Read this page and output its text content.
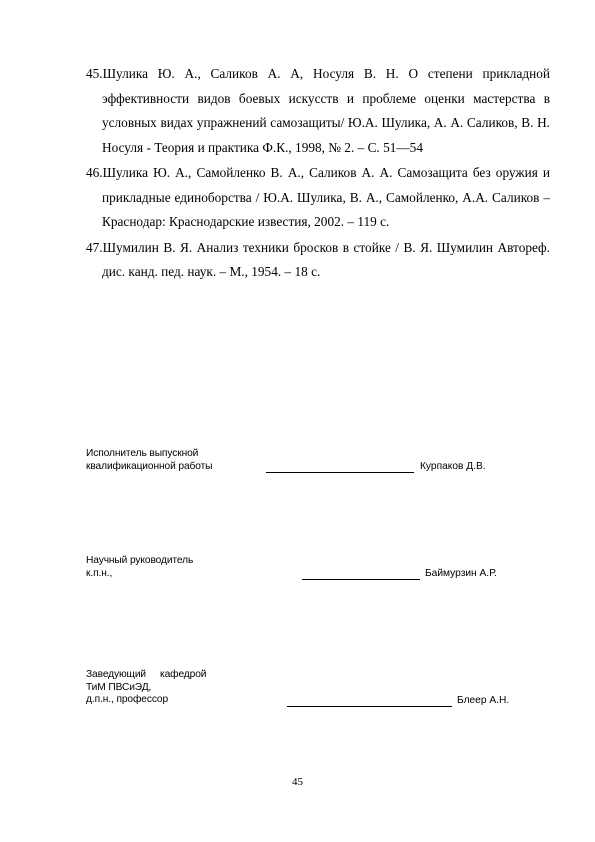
45.Шулика Ю. А., Саликов А. А, Носуля В. Н. О степени прикладной эффективности видов боевых искусств и проблеме оценки мастерства в условных видах упражнений самозащиты/ Ю.А. Шулика, А. А. Саликов, В. Н. Носуля - Теория и практика Ф.К., 1998, № 2. – С. 51—54

46.Шулика Ю. А., Самойленко В. А., Саликов А. А. Самозащита без оружия и прикладные единоборства / Ю.А. Шулика, В. А., Самойленко, А.А. Саликов – Краснодар: Краснодарские известия, 2002. – 119 с.

47.Шумилин В. Я. Анализ техники бросков в стойке / В. Я. Шумилин Автореф. дис. канд. пед. наук. – М., 1954. – 18 с.

Исполнитель выпускной
квалификационной работы	Курпаков Д.В.
Научный руководитель
к.п.н.,	Баймурзин А.Р.
Заведующий кафедрой
ТиМ ПВСиЭД,
д.п.н., профессор	Блеер А.Н.
45
